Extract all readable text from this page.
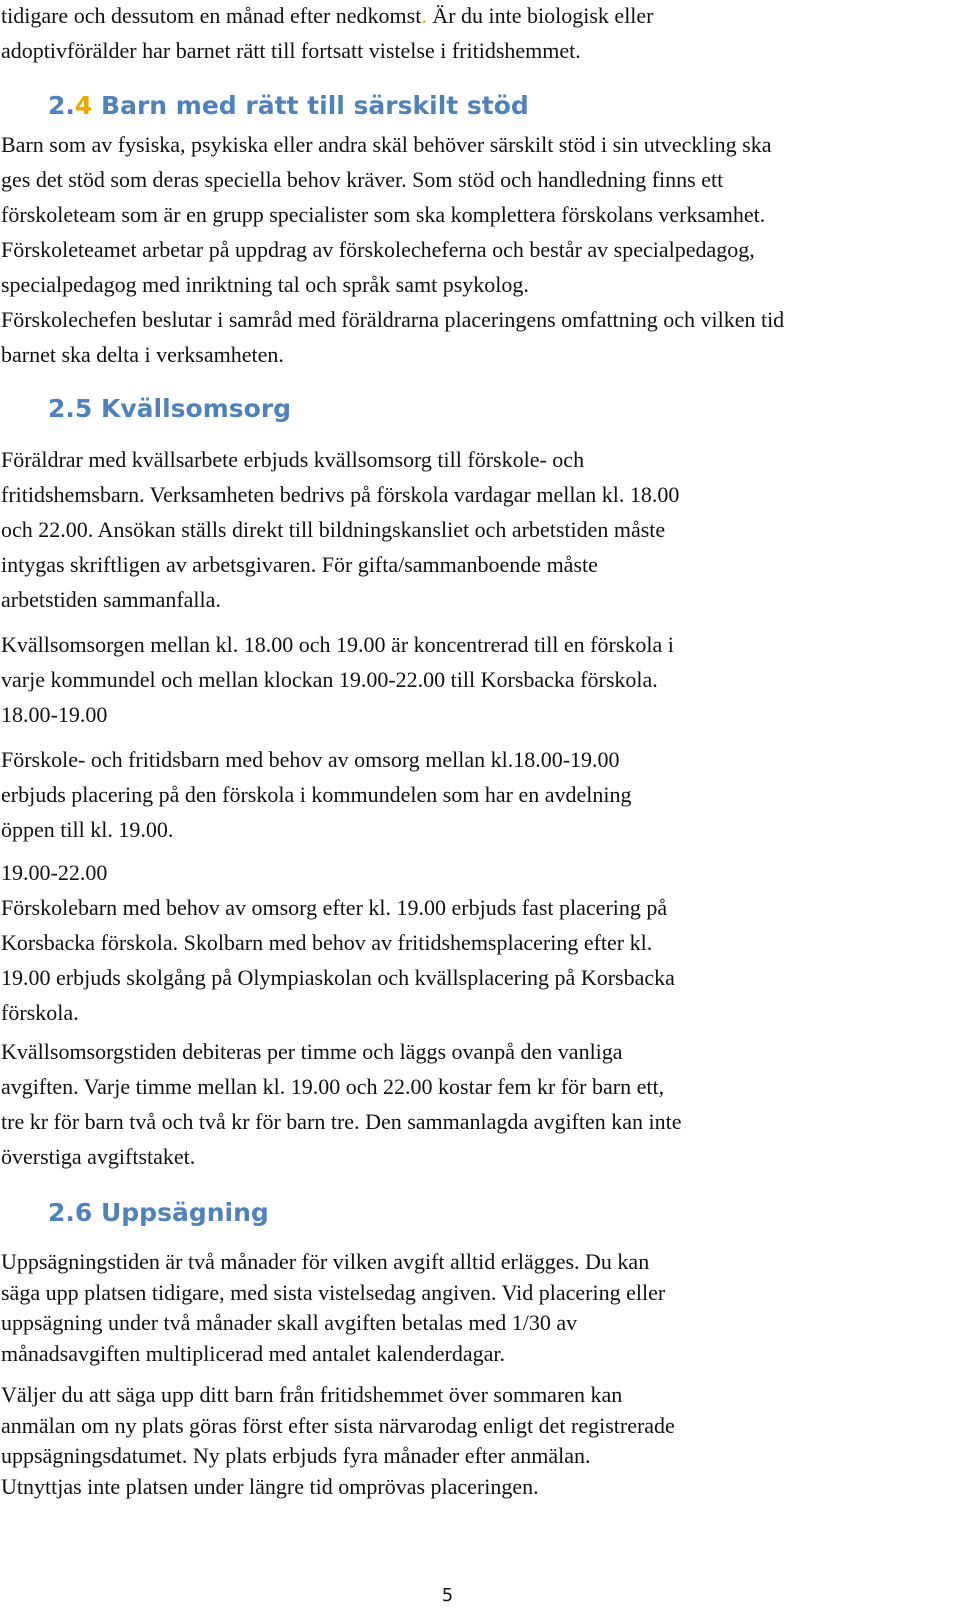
tidigare och dessutom en månad efter nedkomst. Är du inte biologisk eller
adoptivförälder har barnet rätt till fortsatt vistelse i fritidshemmet.

2.4 Barn med rätt till särskilt stöd

Barn som av fysiska, psykiska eller andra skäl behöver särskilt stöd i sin utveckling ska
ges det stöd som deras speciella behov kräver. Som stöd och handledning finns ett
förskoleteam som är en grupp specialister som ska komplettera förskolans verksamhet.
Förskoleteamet arbetar på uppdrag av förskolecheferna och består av specialpedagog,
specialpedagog med inriktning tal och språk samt psykolog.
Förskolechefen beslutar i samråd med föräldrarna placeringens omfattning och vilken tid
barnet ska delta i verksamheten.

2.5 Kvällsomsorg

Föräldrar med kvällsarbete erbjuds kvällsomsorg till förskole- och
fritidshemsbarn. Verksamheten bedrivs på förskola vardagar mellan kl. 18.00
och 22.00. Ansökan ställs direkt till bildningskansliet och arbetstiden måste
intygas skriftligen av arbetsgivaren. För gifta/sammanboende måste
arbetstiden sammanfalla.

Kvällsomsorgen mellan kl. 18.00 och 19.00 är koncentrerad till en förskola i
varje kommundel och mellan klockan 19.00-22.00 till Korsbacka förskola.
18.00-19.00

Förskole- och fritidsbarn med behov av omsorg mellan kl.18.00-19.00
erbjuds placering på den förskola i kommundelen som har en avdelning
öppen till kl. 19.00.

19.00-22.00
Förskolebarn med behov av omsorg efter kl. 19.00 erbjuds fast placering på
Korsbacka förskola. Skolbarn med behov av fritidshemsplacering efter kl.
19.00 erbjuds skolgång på Olympiaskolan och kvällsplacering på Korsbacka
förskola.

Kvällsomsorgstiden debiteras per timme och läggs ovanpå den vanliga
avgiften. Varje timme mellan kl. 19.00 och 22.00 kostar fem kr för barn ett,
tre kr för barn två och två kr för barn tre. Den sammanlagda avgiften kan inte
överstiga avgiftstaket.

2.6 Uppsägning

Uppsägningstiden är två månader för vilken avgift alltid erlägges. Du kan
säga upp platsen tidigare, med sista vistelsedag angiven. Vid placering eller
uppsägning under två månader skall avgiften betalas med 1/30 av
månadsavgiften multiplicerad med antalet kalenderdagar.

Väljer du att säga upp ditt barn från fritidshemmet över sommaren kan
anmälan om ny plats göras först efter sista närvarodag enligt det registrerade
uppsägningsdatumet. Ny plats erbjuds fyra månader efter anmälan.
Utnyttjas inte platsen under längre tid omprövas placeringen.

5
